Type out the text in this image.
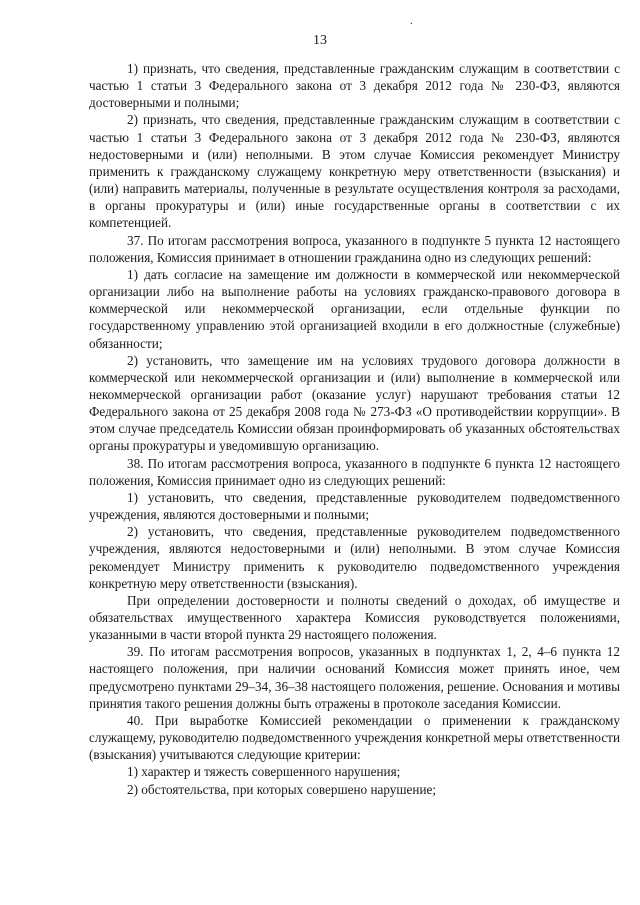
.
13

1) признать, что сведения, представленные гражданским служащим в соответствии с частью 1 статьи 3 Федерального закона от 3 декабря 2012 года № 230-ФЗ, являются достоверными и полными;

2) признать, что сведения, представленные гражданским служащим в соответствии с частью 1 статьи 3 Федерального закона от 3 декабря 2012 года № 230-ФЗ, являются недостоверными и (или) неполными. В этом случае Комиссия рекомендует Министру применить к гражданскому служащему конкретную меру ответственности (взыскания) и (или) направить материалы, полученные в результате осуществления контроля за расходами, в органы прокуратуры и (или) иные государственные органы в соответствии с их компетенцией.

37. По итогам рассмотрения вопроса, указанного в подпункте 5 пункта 12 настоящего положения, Комиссия принимает в отношении гражданина одно из следующих решений:

1) дать согласие на замещение им должности в коммерческой или некоммерческой организации либо на выполнение работы на условиях гражданско-правового договора в коммерческой или некоммерческой организации, если отдельные функции по государственному управлению этой организацией входили в его должностные (служебные) обязанности;

2) установить, что замещение им на условиях трудового договора должности в коммерческой или некоммерческой организации и (или) выполнение в коммерческой или некоммерческой организации работ (оказание услуг) нарушают требования статьи 12 Федерального закона от 25 декабря 2008 года № 273-ФЗ «О противодействии коррупции». В этом случае председатель Комиссии обязан проинформировать об указанных обстоятельствах органы прокуратуры и уведомившую организацию.

38. По итогам рассмотрения вопроса, указанного в подпункте 6 пункта 12 настоящего положения, Комиссия принимает одно из следующих решений:

1) установить, что сведения, представленные руководителем подведомственного учреждения, являются достоверными и полными;

2) установить, что сведения, представленные руководителем подведомственного учреждения, являются недостоверными и (или) неполными. В этом случае Комиссия рекомендует Министру применить к руководителю подведомственного учреждения конкретную меру ответственности (взыскания).

При определении достоверности и полноты сведений о доходах, об имуществе и обязательствах имущественного характера Комиссия руководствуется положениями, указанными в части второй пункта 29 настоящего положения.

39. По итогам рассмотрения вопросов, указанных в подпунктах 1, 2, 4–6 пункта 12 настоящего положения, при наличии оснований Комиссия может принять иное, чем предусмотрено пунктами 29–34, 36–38 настоящего положения, решение. Основания и мотивы принятия такого решения должны быть отражены в протоколе заседания Комиссии.

40. При выработке Комиссией рекомендации о применении к гражданскому служащему, руководителю подведомственного учреждения конкретной меры ответственности (взыскания) учитываются следующие критерии:

1) характер и тяжесть совершенного нарушения;

2) обстоятельства, при которых совершено нарушение;
